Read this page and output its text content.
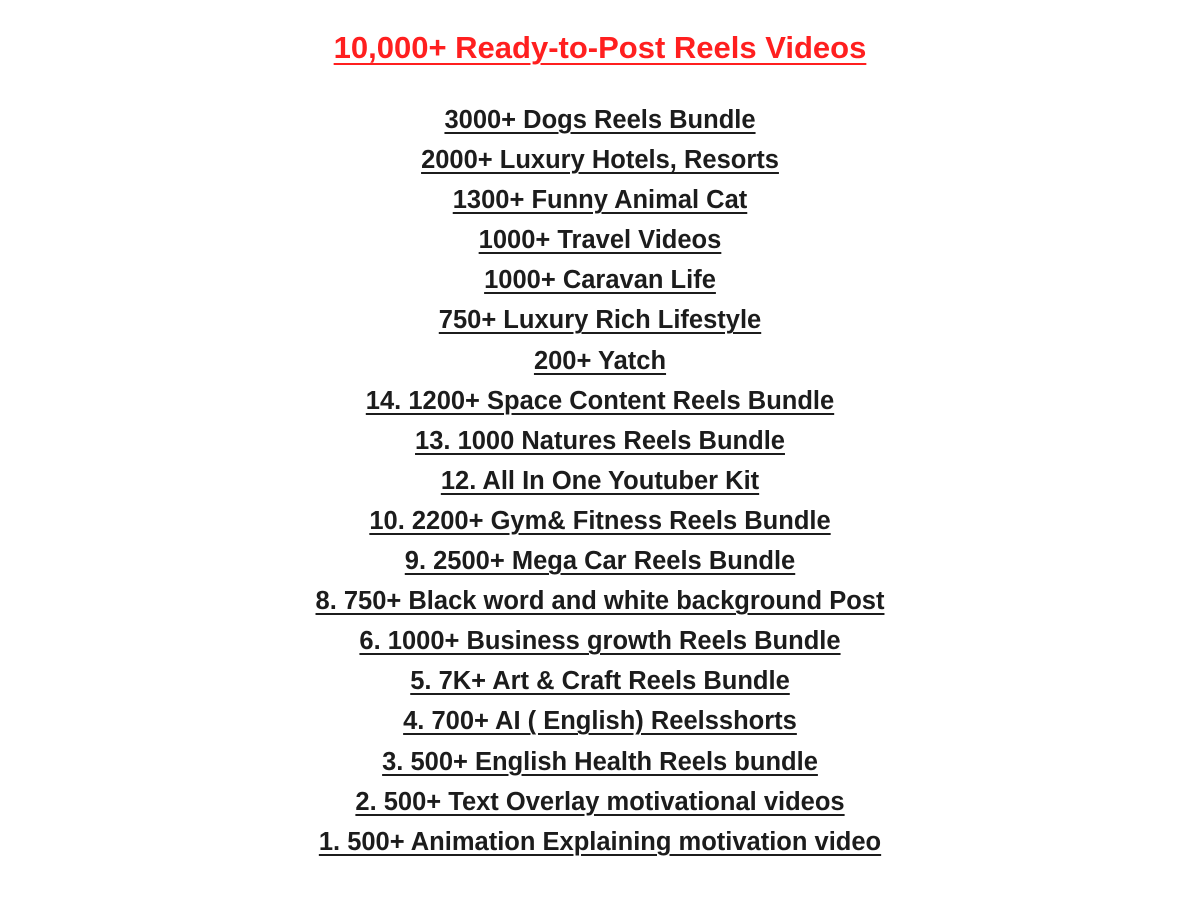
10,000+ Ready-to-Post Reels Videos
3000+ Dogs Reels Bundle
2000+ Luxury Hotels, Resorts
1300+ Funny Animal Cat
1000+ Travel Videos
1000+ Caravan Life
750+ Luxury Rich Lifestyle
200+ Yatch
14. 1200+ Space Content Reels Bundle
13. 1000 Natures Reels Bundle
12. All In One Youtuber Kit
10. 2200+ Gym& Fitness Reels Bundle
9. 2500+ Mega Car Reels Bundle
8. 750+ Black word and white background Post
6. 1000+ Business growth Reels Bundle
5. 7K+ Art & Craft Reels Bundle
4. 700+ AI ( English) Reelsshorts
3. 500+ English Health Reels bundle
2. 500+ Text Overlay motivational videos
1. 500+ Animation Explaining motivation video
